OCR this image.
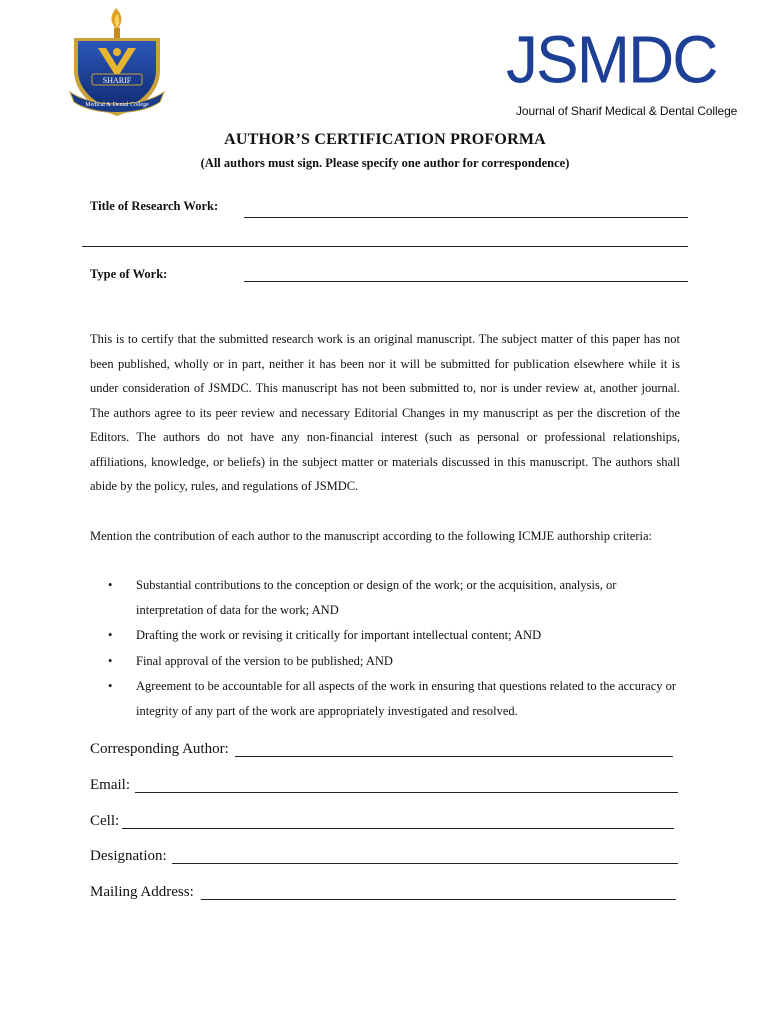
SHARIF
Medical & Dental College
JSMDC
Journal of Sharif Medical & Dental College
AUTHOR’S CERTIFICATION PROFORMA
(All authors must sign. Please specify one author for correspondence)
Title of Research Work:
Type of Work:
This is to certify that the submitted research work is an original manuscript. The subject matter of this paper has not been published, wholly or in part, neither it has been nor it will be submitted for publication elsewhere while it is under consideration of JSMDC. This manuscript has not been submitted to, nor is under review at, another journal. The authors agree to its peer review and necessary Editorial Changes in my manuscript as per the discretion of the Editors. The authors do not have any non-financial interest (such as personal or professional relationships, affiliations, knowledge, or beliefs) in the subject matter or materials discussed in this manuscript. The authors shall abide by the policy, rules, and regulations of JSMDC.
Mention the contribution of each author to the manuscript according to the following ICMJE authorship criteria:
• Substantial contributions to the conception or design of the work; or the acquisition, analysis, or interpretation of data for the work; AND
• Drafting the work or revising it critically for important intellectual content; AND
• Final approval of the version to be published; AND
• Agreement to be accountable for all aspects of the work in ensuring that questions related to the accuracy or integrity of any part of the work are appropriately investigated and resolved.
Corresponding Author:
Email:
Cell:
Designation:
Mailing Address:
